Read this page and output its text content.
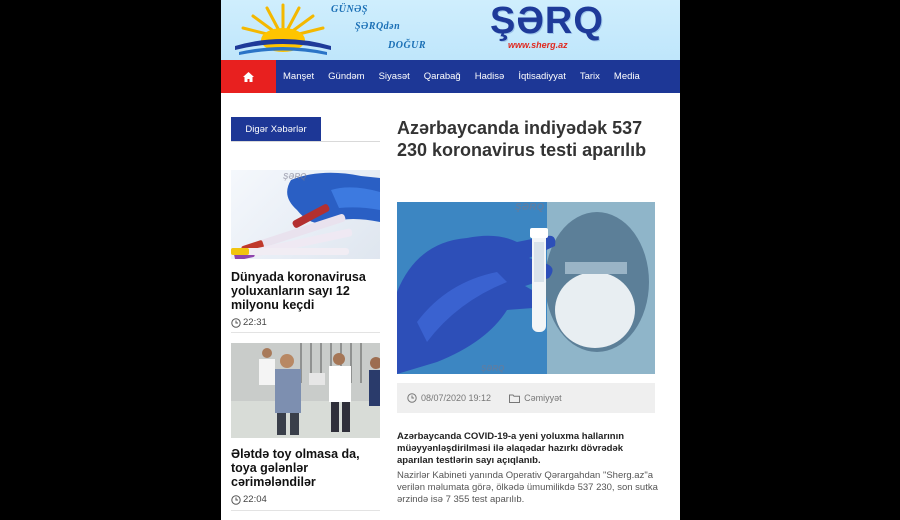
GÜNƏŞ
ŞƏRQdən
DOĞUR
ŞƏRQ
www.sherg.az
Manşet	Gündəm	Siyasət	Qarabağ	Hadisə	İqtisadiyyat	Tarix	Media
Digər Xəbərlər
ŞƏRQ
Dünyada koronavirusa yoluxanların sayı 12 milyonu keçdi
22:31
Ələtdə toy olmasa da, toya gələnlər cərimələndilər
22:04
Azərbaycanda indiyədək 537 230 koronavirus testi aparılıb
ŞƏRQ
ŞƏRQ
08/07/2020 19:12	Cəmiyyət

Azərbaycanda COVID-19-a yeni yoluxma hallarının müəyyənləşdirilməsi ilə əlaqədar hazırkı dövrədək aparılan testlərin sayı açıqlanıb.

Nazirlər Kabineti yanında Operativ Qərargahdan "Sherg.az"a verilən məlumata görə, ölkədə ümumilikdə 537 230, son sutka ərzində isə 7 355 test aparılıb.
